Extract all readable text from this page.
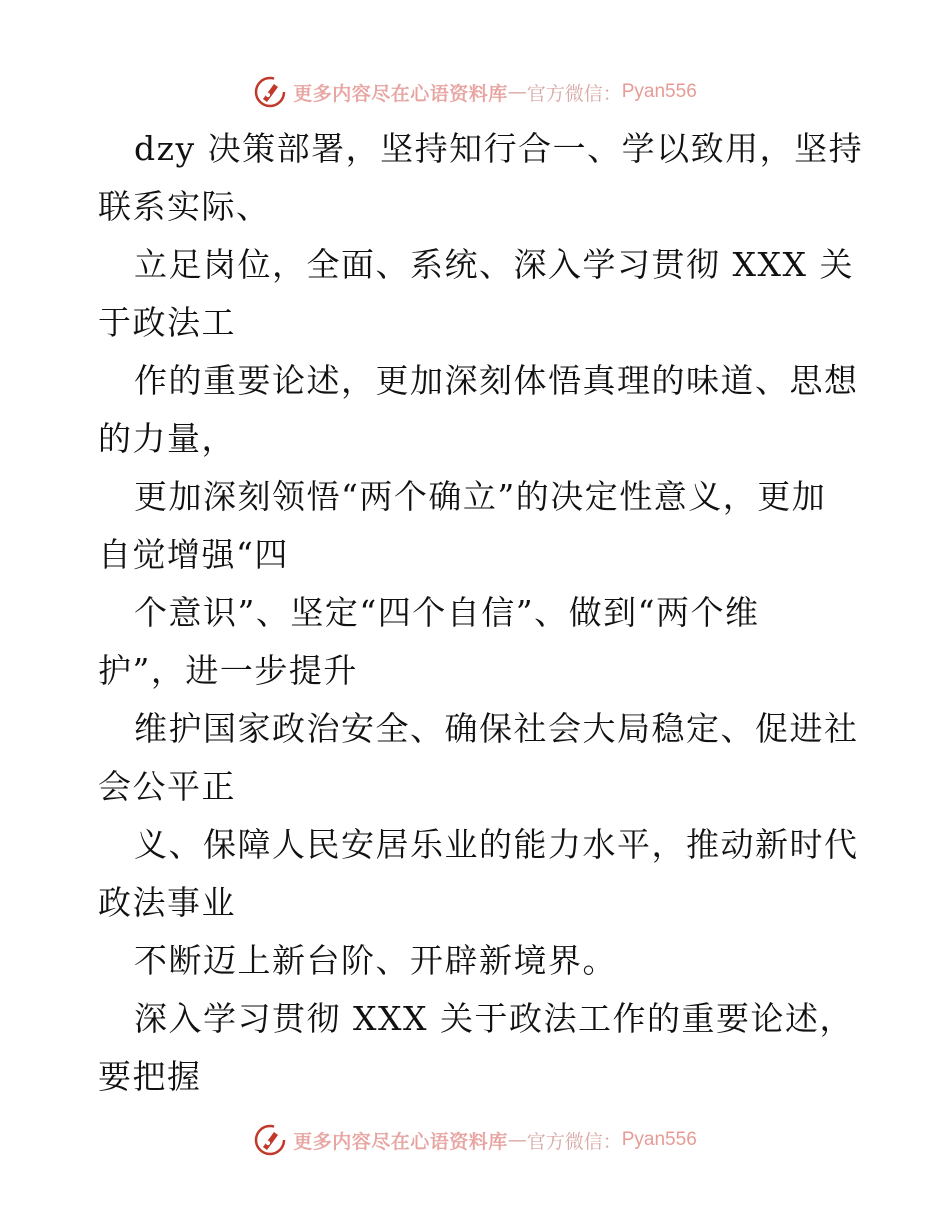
更多内容尽在心语资料库 — 官方微信： Pyan556
dzy 决策部署，坚持知行合一、学以致用，坚持
联系实际、
立足岗位，全面、系统、深入学习贯彻 XXX 关
于政法工
作的重要论述，更加深刻体悟真理的味道、思想
的力量，
更加深刻领悟“两个确立”的决定性意义，更加
自觉增强“四
个意识”、坚定“四个自信”、做到“两个维
护”，进一步提升
维护国家政治安全、确保社会大局稳定、促进社
会公平正
义、保障人民安居乐业的能力水平，推动新时代
政法事业
不断迈上新台阶、开辟新境界。
深入学习贯彻 XXX 关于政法工作的重要论述，
要把握
更多内容尽在心语资料库 — 官方微信： Pyan556
